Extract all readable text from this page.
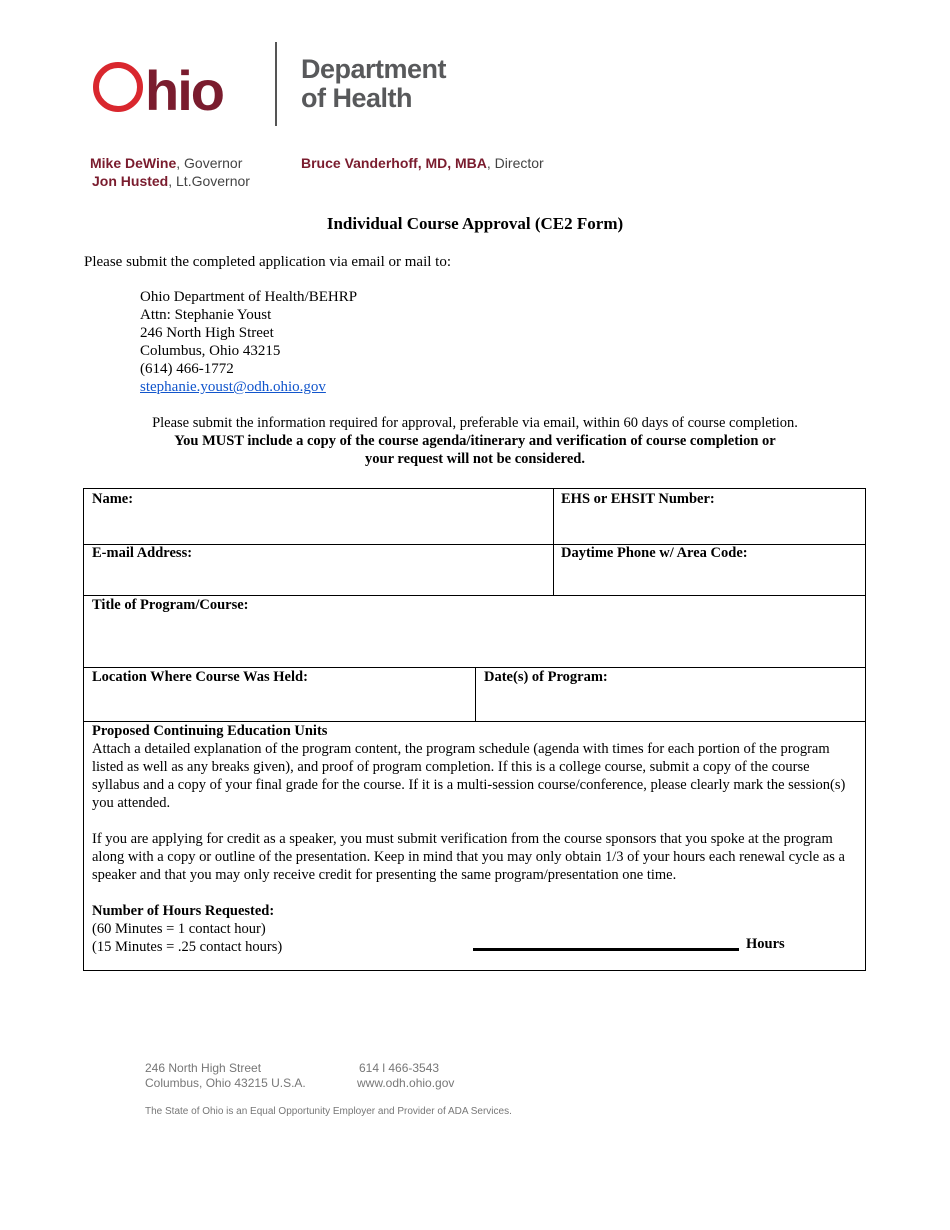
hio	Department
of Health
Mike DeWine, Governor
Jon Husted, Lt.Governor
Bruce Vanderhoff, MD, MBA, Director
Individual Course Approval (CE2 Form)
Please submit the completed application via email or mail to:
Ohio Department of Health/BEHRP
Attn: Stephanie Youst
246 North High Street
Columbus, Ohio 43215
(614) 466-1772
stephanie.youst@odh.ohio.gov
Please submit the information required for approval, preferable via email, within 60 days of course completion.
You MUST include a copy of the course agenda/itinerary and verification of course completion or
your request will not be considered.
Name:	EHS or EHSIT Number:
E-mail Address:	Daytime Phone w/ Area Code:
Title of Program/Course:
Location Where Course Was Held:	Date(s) of Program:
Proposed Continuing Education Units
Attach a detailed explanation of the program content, the program schedule (agenda with times for each portion of the program listed as well as any breaks given), and proof of program completion. If this is a college course, submit a copy of the course syllabus and a copy of your final grade for the course. If it is a multi-session course/conference, please clearly mark the session(s) you attended.
If you are applying for credit as a speaker, you must submit verification from the course sponsors that you spoke at the program along with a copy or outline of the presentation. Keep in mind that you may only obtain 1/3 of your hours each renewal cycle as a speaker and that you may only receive credit for presenting the same program/presentation one time.
Number of Hours Requested:
(60 Minutes = 1 contact hour)
(15 Minutes = .25 contact hours)	Hours
246 North High Street
Columbus, Ohio 43215 U.S.A.
614 l 466-3543
www.odh.ohio.gov
The State of Ohio is an Equal Opportunity Employer and Provider of ADA Services.
